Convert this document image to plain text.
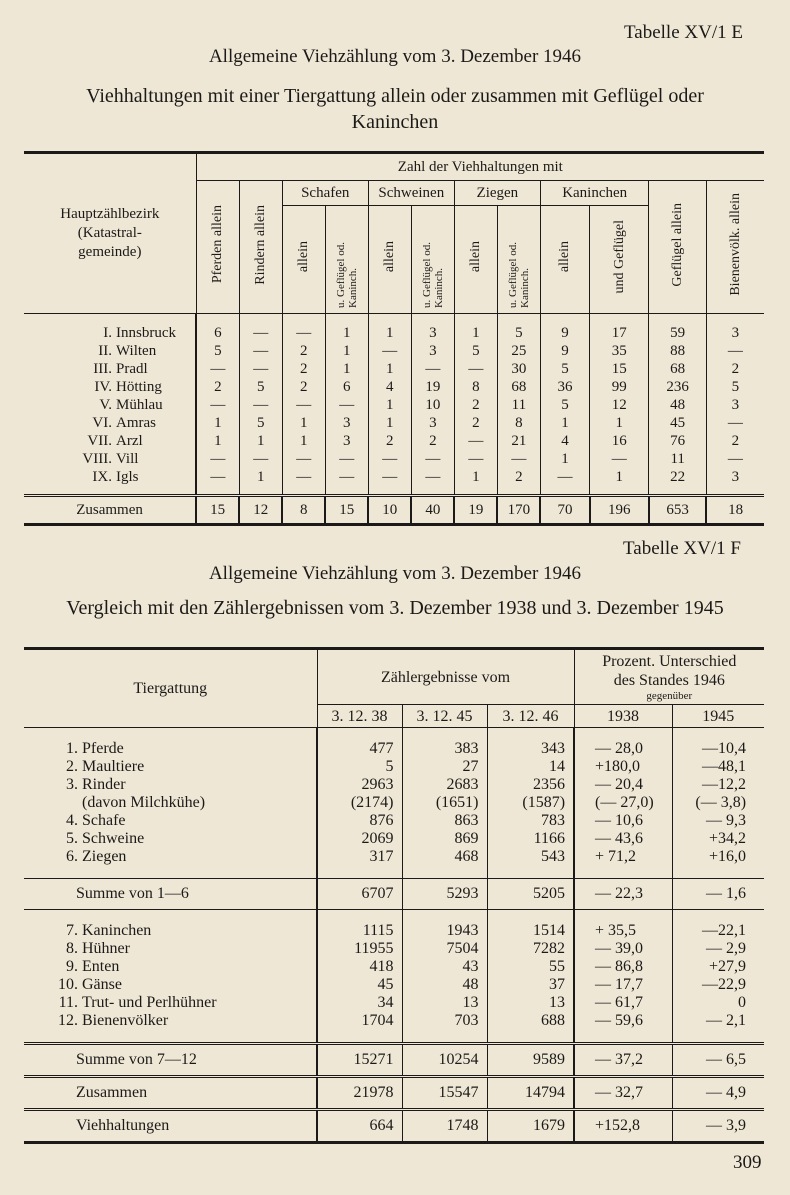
Tabelle XV/1 E
Allgemeine Viehzählung vom 3. Dezember 1946
Viehhaltungen mit einer Tiergattung allein oder zusammen mit Geflügel oder
Kaninchen
Hauptzählbezirk
(Katastral-
gemeinde)	Zahl der Viehhaltungen mit											
	Pferden allein	Rindern allein	Schafen		Schweinen		Ziegen		Kaninchen		Geflügel allein	Bienenvölk. allein
			allein	u. Geflügel od. Kaninch.	allein	u. Geflügel od. Kaninch.	allein	u. Geflügel od. Kaninch.	allein	und Geflügel		
I. Innsbruck	6	—	—	1	1	3	1	5	9	17	59	3
II. Wilten	5	—	2	1	—	3	5	25	9	35	88	—
III. Pradl	—	—	2	1	1	—	—	30	5	15	68	2
IV. Hötting	2	5	2	6	4	19	8	68	36	99	236	5
V. Mühlau	—	—	—	—	1	10	2	11	5	12	48	3
VI. Amras	1	5	1	3	1	3	2	8	1	1	45	—
VII. Arzl	1	1	1	3	2	2	—	21	4	16	76	2
VIII. Vill	—	—	—	—	—	—	—	—	1	—	11	—
IX. Igls	—	1	—	—	—	—	1	2	—	1	22	3
Zusammen	15	12	8	15	10	40	19	170	70	196	653	18
Tabelle XV/1 F
Allgemeine Viehzählung vom 3. Dezember 1946
Vergleich mit den Zählergebnissen vom 3. Dezember 1938 und 3. Dezember 1945
Tiergattung	Zählergebnisse vom			Prozent. Unterschied
des Standes 1946
gegenüber	

	3. 12. 38	3. 12. 45	3. 12. 46	1938	1945

1. Pferde	477	383	343	— 28,0	—10,4
2. Maultiere	5	27	14	+180,0	—48,1
3. Rinder	2963	2683	2356	— 20,4	—12,2
(davon Milchkühe)	(2174)	(1651)	(1587)	(— 27,0)	(— 3,8)
4. Schafe	876	863	783	— 10,6	— 9,3
5. Schweine	2069	869	1166	— 43,6	+34,2
6. Ziegen	317	468	543	+ 71,2	+16,0

Summe von 1—6	6707	5293	5205	— 22,3	— 1,6

7. Kaninchen	1115	1943	1514	+ 35,5	—22,1
8. Hühner	11955	7504	7282	— 39,0	— 2,9
9. Enten	418	43	55	— 86,8	+27,9
10. Gänse	45	48	37	— 17,7	—22,9
11. Trut- und Perlhühner	34	13	13	— 61,7	0
12. Bienenvölker	1704	703	688	— 59,6	— 2,1

Summe von 7—12	15271	10254	9589	— 37,2	— 6,5
Zusammen	21978	15547	14794	— 32,7	— 4,9
Viehhaltungen	664	1748	1679	+152,8	— 3,9
309
